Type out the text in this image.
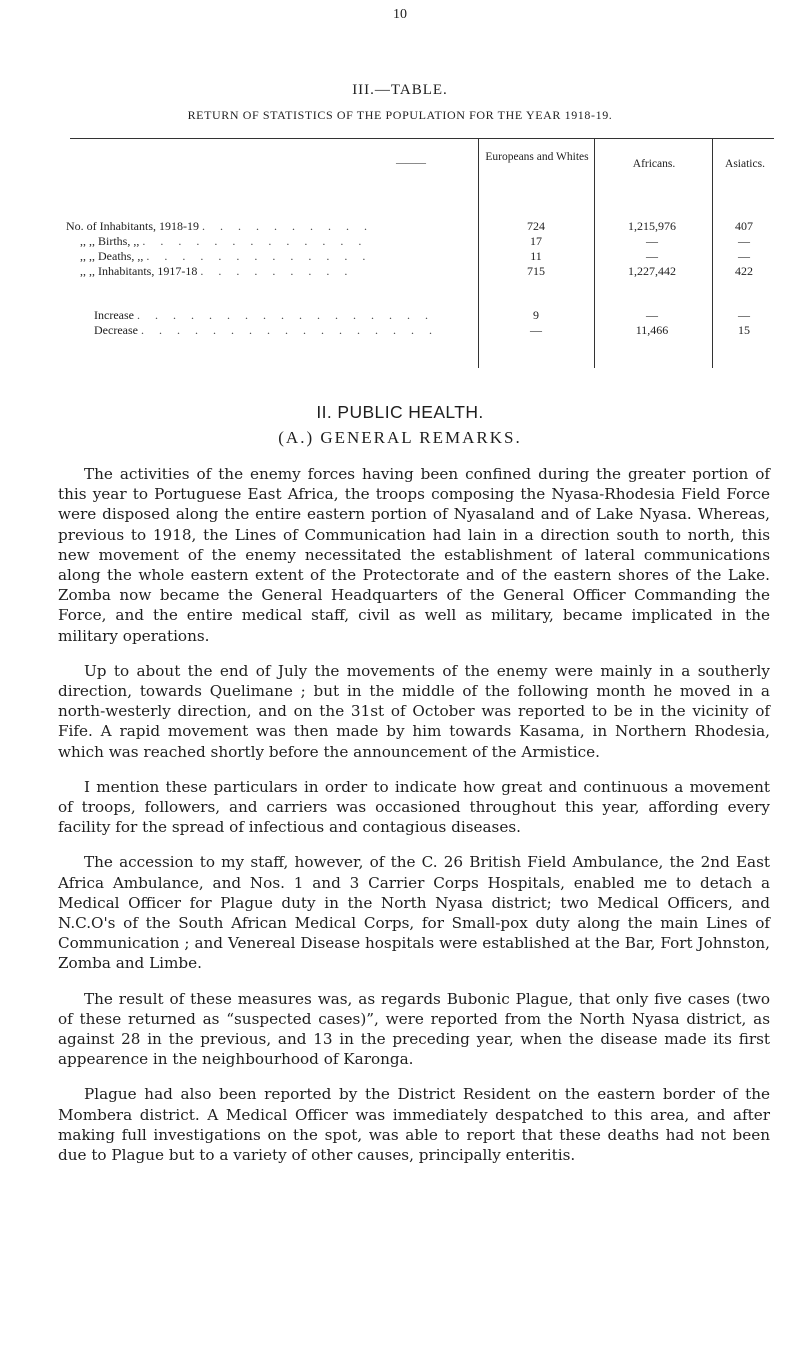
10
III.—TABLE.
RETURN OF STATISTICS OF THE POPULATION FOR THE YEAR 1918-19.
———
Europeans and Whites
Africans.	Asiatics.
No. of Inhabitants, 1918-19 . . . . . . . . . .	724	1,215,976	407
,, ,, Births, ,, . . . . . . . . . . . . .	17	—	—
,, ,, Deaths, ,, . . . . . . . . . . . . .	11	—	—
,, ,, Inhabitants, 1917-18 . . . . . . . . .	715	1,227,442	422
Increase . . . . . . . . . . . . . . . . .	9	—	—
Decrease . . . . . . . . . . . . . . . . .	—	11,466	15
II. PUBLIC HEALTH.
(A.) GENERAL REMARKS.

The activities of the enemy forces having been confined during the greater portion of this year to Portuguese East Africa, the troops composing the Nyasa-Rhodesia Field Force were disposed along the entire eastern portion of Nyasaland and of Lake Nyasa. Whereas, previous to 1918, the Lines of Communication had lain in a direction south to north, this new movement of the enemy necessitated the establishment of lateral communications along the whole eastern extent of the Protectorate and of the eastern shores of the Lake. Zomba now became the General Headquarters of the General Officer Commanding the Force, and the entire medical staff, civil as well as military, became implicated in the military operations.

Up to about the end of July the movements of the enemy were mainly in a southerly direction, towards Quelimane ; but in the middle of the following month he moved in a north-westerly direction, and on the 31st of October was reported to be in the vicinity of Fife. A rapid movement was then made by him towards Kasama, in Northern Rhodesia, which was reached shortly before the announcement of the Armistice.

I mention these particulars in order to indicate how great and continuous a movement of troops, followers, and carriers was occasioned throughout this year, affording every facility for the spread of infectious and contagious diseases.

The accession to my staff, however, of the C. 26 British Field Ambulance, the 2nd East Africa Ambulance, and Nos. 1 and 3 Carrier Corps Hospitals, enabled me to detach a Medical Officer for Plague duty in the North Nyasa district; two Medical Officers, and N.C.O's of the South African Medical Corps, for Small-pox duty along the main Lines of Communication ; and Venereal Disease hospitals were established at the Bar, Fort Johnston, Zomba and Limbe.

The result of these measures was, as regards Bubonic Plague, that only five cases (two of these returned as “suspected cases)”, were reported from the North Nyasa district, as against 28 in the previous, and 13 in the preceding year, when the disease made its first appearence in the neighbourhood of Karonga.

Plague had also been reported by the District Resident on the eastern border of the Mombera district. A Medical Officer was immediately despatched to this area, and after making full investigations on the spot, was able to report that these deaths had not been due to Plague but to a variety of other causes, principally enteritis.
